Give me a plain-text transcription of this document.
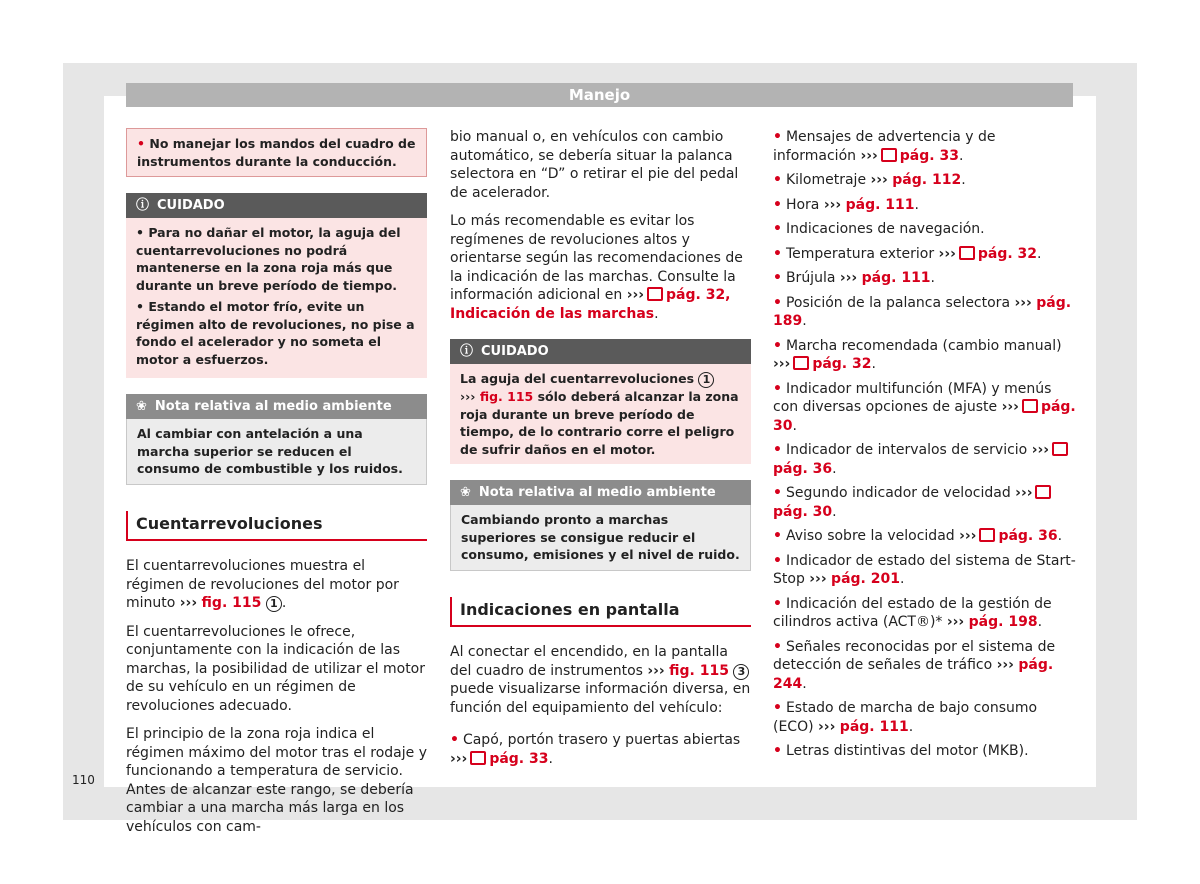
Manejo
110
• No manejar los mandos del cuadro de instrumentos durante la conducción.
ⓘ CUIDADO

• Para no dañar el motor, la aguja del cuentarrevoluciones no podrá mantenerse en la zona roja más que durante un breve período de tiempo.

• Estando el motor frío, evite un régimen alto de revoluciones, no pise a fondo el acelerador y no someta el motor a esfuerzos.

❀ Nota relativa al medio ambiente
Al cambiar con antelación a una marcha superior se reducen el consumo de combustible y los ruidos.
Cuentarrevoluciones

El cuentarrevoluciones muestra el régimen de revoluciones del motor por minuto ››› fig. 115 1 .

El cuentarrevoluciones le ofrece, conjuntamente con la indicación de las marchas, la posibilidad de utilizar el motor de su vehículo en un régimen de revoluciones adecuado.

El principio de la zona roja indica el régimen máximo del motor tras el rodaje y funcionando a temperatura de servicio. Antes de alcanzar este rango, se debería cambiar a una marcha más larga en los vehículos con cam-

bio manual o, en vehículos con cambio automático, se debería situar la palanca selectora en “D” o retirar el pie del pedal de acelerador.

Lo más recomendable es evitar los regímenes de revoluciones altos y orientarse según las recomendaciones de la indicación de las marchas. Consulte la información adicional en ››› pág. 32, Indicación de las marchas.

ⓘ CUIDADO
La aguja del cuentarrevoluciones 1
››› fig. 115 sólo deberá alcanzar la zona roja durante un breve período de tiempo, de lo contrario corre el peligro de sufrir daños en el motor.
❀ Nota relativa al medio ambiente
Cambiando pronto a marchas superiores se consigue reducir el consumo, emisiones y el nivel de ruido.
Indicaciones en pantalla

Al conectar el encendido, en la pantalla del cuadro de instrumentos ››› fig. 115 3 puede visualizarse información diversa, en función del equipamiento del vehículo:

• Capó, portón trasero y puertas abiertas
››› pág. 33.

• Mensajes de advertencia y de información ››› pág. 33.

• Kilometraje ››› pág. 112.

• Hora ››› pág. 111.

• Indicaciones de navegación.

• Temperatura exterior ››› pág. 32.

• Brújula ››› pág. 111.

• Posición de la palanca selectora ››› pág. 189.

• Marcha recomendada (cambio manual) ››› pág. 32.

• Indicador multifunción (MFA) y menús con diversas opciones de ajuste ››› pág. 30.

• Indicador de intervalos de servicio ›››pág. 36.

• Segundo indicador de velocidad ›››pág. 30.

• Aviso sobre la velocidad ››› pág. 36.

• Indicador de estado del sistema de Start-Stop ››› pág. 201.

• Indicación del estado de la gestión de cilindros activa (ACT®)* ››› pág. 198.

• Señales reconocidas por el sistema de detección de señales de tráfico ››› pág. 244.

• Estado de marcha de bajo consumo (ECO) ››› pág. 111.

• Letras distintivas del motor (MKB).
